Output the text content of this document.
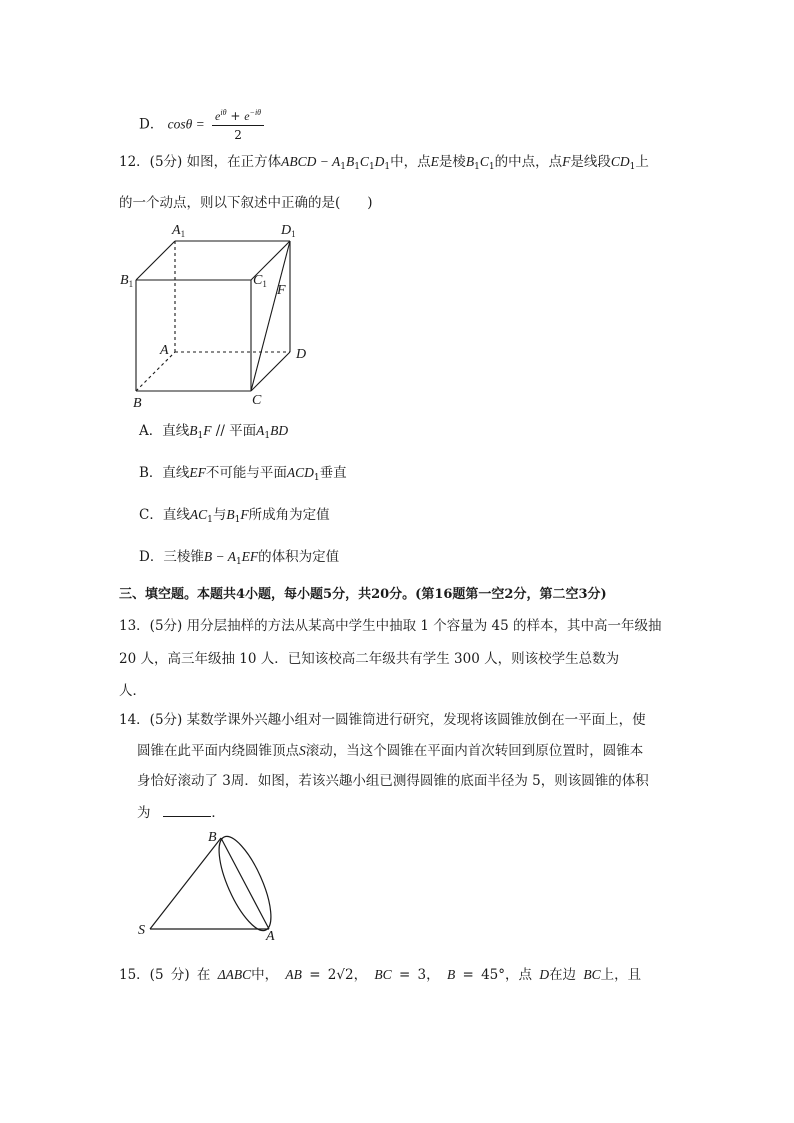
D． $\cos\theta = \frac{e^{i\theta} + e^{-i\theta}}{2}$
12．(5分) 如图，在正方体ABCD − $A_1B_1C_1D_1$中，点E是棱$B_1C_1$的中点，点F是线段$CD_1$上
的一个动点，则以下叙述中正确的是(　　)
$A_1$	$D_1$
$B_1$	$C_1$ F
A	D
B	C
A．直线$B_1F$ // 平面$A_1BD$
B．直线EF不可能与平面$ACD_1$垂直
C．直线$AC_1$与$B_1F$所成角为定值
D．三棱锥$B - A_1EF$的体积为定值
三、填空题。本题共4小题，每小题5分，共20分。(第16题第一空2分，第二空3分)
13．(5分) 用分层抽样的方法从某高中学生中抽取 1 个容量为 45 的样本，其中高一年级抽
20 人，高三年级抽 10 人．已知该校高二年级共有学生 300 人，则该校学生总数为
人．
14．(5分) 某数学课外兴趣小组对一圆锥筒进行研究，发现将该圆锥放倒在一平面上，使
圆锥在此平面内绕圆锥顶点S滚动，当这个圆锥在平面内首次转回到原位置时，圆锥本
身恰好滚动了 3周．如图，若该兴趣小组已测得圆锥的底面半径为 5，则该圆锥的体积
为	．
S	A
B
15．(5 分) 在 ΔABC中， AB = 2√2， BC = 3， B = 45°，点 D在边 BC上，且
